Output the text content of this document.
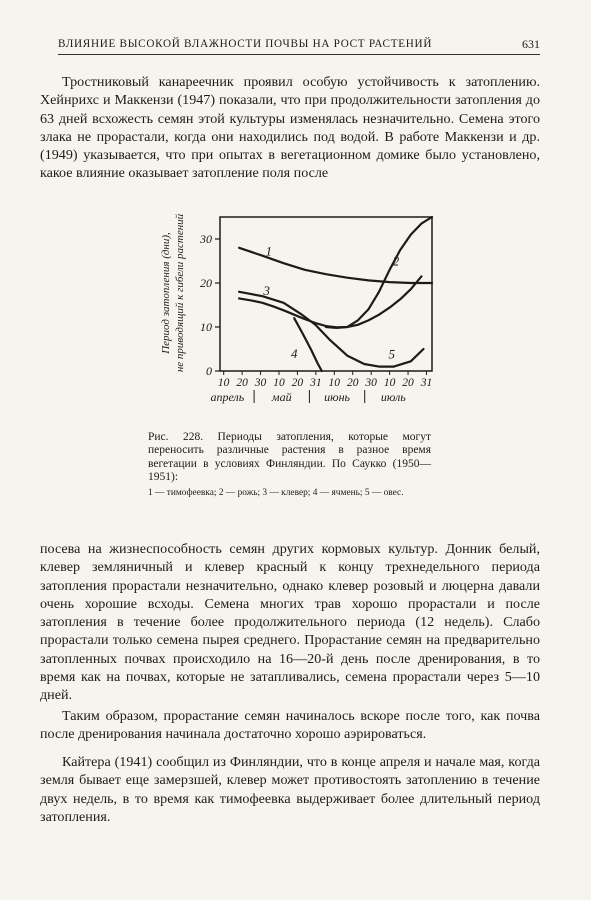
ВЛИЯНИЕ ВЫСОКОЙ ВЛАЖНОСТИ ПОЧВЫ НА РОСТ РАСТЕНИЙ	631

Тростниковый канареечник проявил особую устойчивость к затоплению. Хейнрихс и Маккензи (1947) показали, что при продолжительности затопления до 63 дней всхожесть семян этой культуры изменялась незначительно. Семена этого злака не прорастали, когда они находились под водой. В работе Маккензи и др. (1949) указывается, что при опытах в вегетационном домике было установлено, какое влияние оказывает затопление поля после

Период затопления (дни), не приводящий к гибели растений 0
10
20
30
10 20 30 10 20 31 10 20 30 10 20 31
апрель май	июнь	июль
1
2
3
4	5

Рис. 228. Периоды затопления, которые могут переносить различные растения в разное время вегетации в условиях Финляндии. По Саукко (1950—1951):

1 — тимофеевка; 2 — рожь; 3 — клевер; 4 — ячмень; 5 — овес.

посева на жизнеспособность семян других кормовых культур. Донник белый, клевер земляничный и клевер красный к концу трехнедельного периода затопления прорастали незначительно, однако клевер розовый и люцерна давали очень хорошие всходы. Семена многих трав хорошо прорастали и после затопления в течение более продолжительного периода (12 недель). Слабо прорастали только семена пырея среднего. Прорастание семян на предварительно затопленных почвах происходило на 16—20-й день после дренирования, в то время как на почвах, которые не затапливались, семена прорастали через 5—10 дней.

Таким образом, прорастание семян начиналось вскоре после того, как почва после дренирования начинала достаточно хорошо аэрироваться.

Кайтера (1941) сообщил из Финляндии, что в конце апреля и начале мая, когда земля бывает еще замерзшей, клевер может противостоять затоплению в течение двух недель, в то время как тимофеевка выдерживает более длительный период затопления.
